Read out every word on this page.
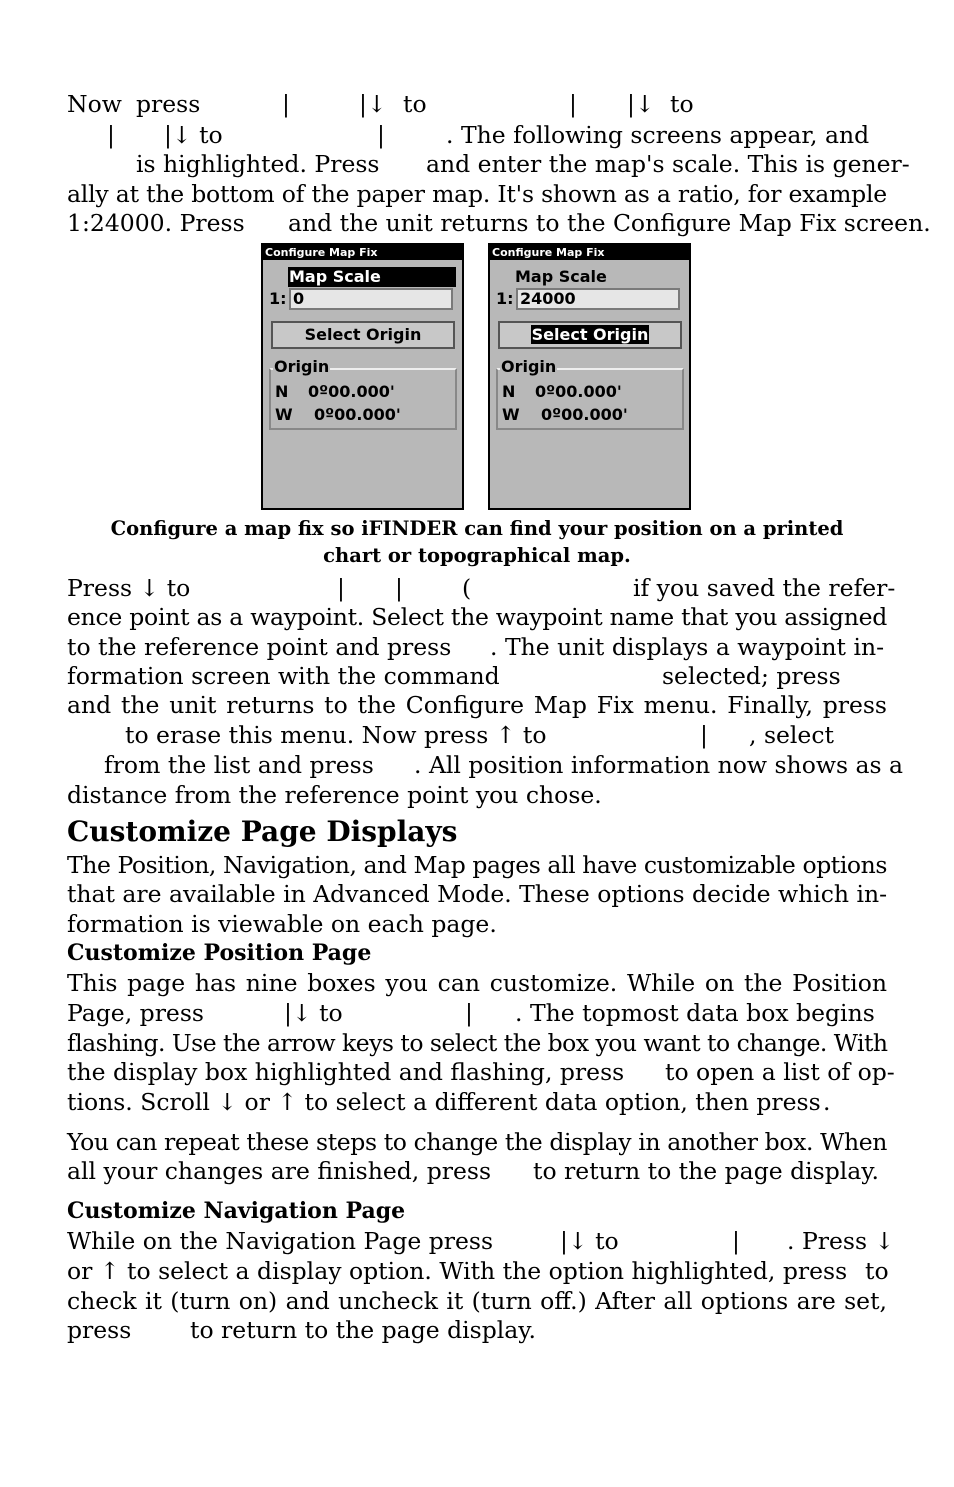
Now

press

	|

	|↓

to

	|

|↓

to

|

|↓ to

	|

	. The following screens appear, and

is highlighted. Press

and enter the map's scale. This is gener-

ally at the bottom of the paper map. It's shown as a ratio, for example

1:24000. Press

and the unit returns to the Configure Map Fix screen.

Configure Map Fix
Map Scale
1: 0
Select Origin
Origin
N 0º00.000'
W 0º00.000'
Configure Map Fix
Map Scale
1: 24000
Select Origin
Origin
N 0º00.000'
W 0º00.000'
Configure a map fix so iFINDER can find your position on a printed
chart or topographical map.

Press ↓ to

	|

|

	(

	if you saved the refer-

ence point as a waypoint. Select the waypoint name that you assigned

to the reference point and press

. The unit displays a waypoint in-

formation screen with the command

	selected; press

and the unit returns to the Configure Map Fix menu. Finally, press

to erase this menu. Now press ↑ to

	|

, select

from the list and press

. All position information now shows as a

distance from the reference point you chose.
Customize Page Displays
The Position, Navigation, and Map pages all have customizable options
that are available in Advanced Mode. These options decide which in-
formation is viewable on each page.
Customize Position Page
This page has nine boxes you can customize. While on the Position

Page, press

	|↓ to

	|

. The topmost data box begins

flashing. Use the arrow keys to select the box you want to change. With

the display box highlighted and flashing, press

to open a list of op-

tions. Scroll ↓ or ↑ to select a different data option, then press

.

You can repeat these steps to change the display in another box. When

all your changes are finished, press

to return to the page display.

Customize Navigation Page

While on the Navigation Page press

	|↓ to

	|

. Press ↓

or ↑ to select a display option. With the option highlighted, press

to

check it (turn on) and uncheck it (turn off.) After all options are set,

press

to return to the page display.
